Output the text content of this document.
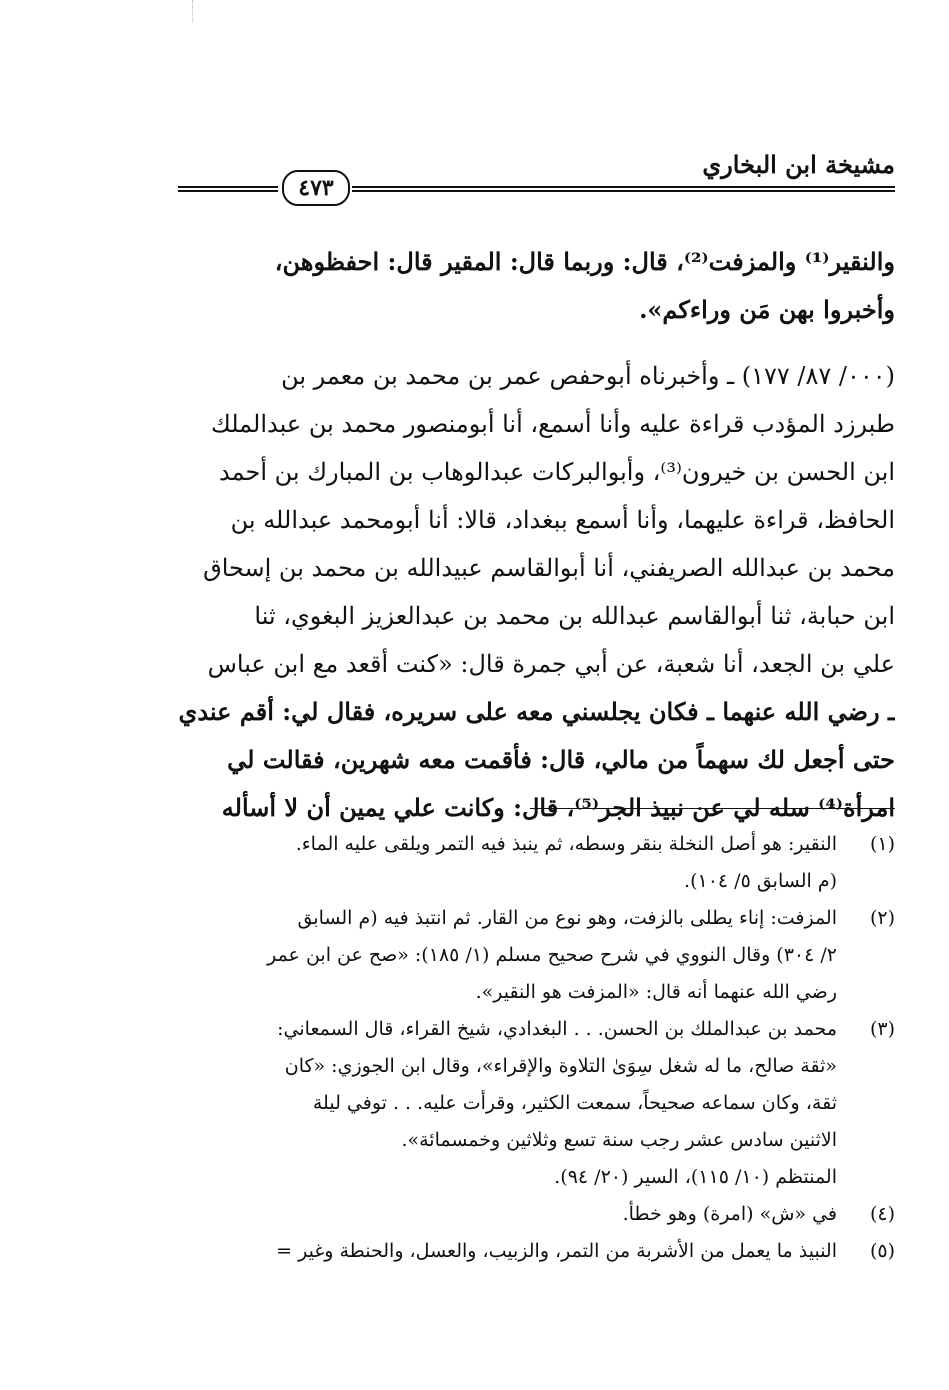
مشيخة ابن البخاري
٤٧٣
والنقير⁽¹⁾ والمزفت⁽²⁾، قال: وربما قال: المقير قال: احفظوهن،
وأخبروا بهن مَن وراءكم».
(٠٠٠/ ٨٧/ ١٧٧) ـ وأخبرناه أبوحفص عمر بن محمد بن معمر بن
طبرزد المؤدب قراءة عليه وأنا أسمع، أنا أبومنصور محمد بن عبدالملك
ابن الحسن بن خيرون⁽³⁾، وأبوالبركات عبدالوهاب بن المبارك بن أحمد
الحافظ، قراءة عليهما، وأنا أسمع ببغداد، قالا: أنا أبومحمد عبدالله بن
محمد بن عبدالله الصريفني، أنا أبوالقاسم عبيدالله بن محمد بن إسحاق
ابن حبابة، ثنا أبوالقاسم عبدالله بن محمد بن عبدالعزيز البغوي، ثنا
علي بن الجعد، أنا شعبة، عن أبي جمرة قال: «كنت أقعد مع ابن عباس
ـ رضي الله عنهما ـ فكان يجلسني معه على سريره، فقال لي: أقم عندي
حتى أجعل لك سهماً من مالي، قال: فأقمت معه شهرين، فقالت لي
امرأة⁽⁴⁾ سله لي عن نبيذ الجر⁽⁵⁾، قال: وكانت علي يمين أن لا أسأله
(١)
النقير: هو أصل النخلة بنقر وسطه، ثم ينبذ فيه التمر ويلقى عليه الماء.
(م السابق ٥/ ١٠٤).
(٢)
المزفت: إناء يطلى بالزفت، وهو نوع من القار. ثم انتبذ فيه (م السابق
٢/ ٣٠٤) وقال النووي في شرح صحيح مسلم (١/ ١٨٥): «صح عن ابن عمر
رضي الله عنهما أنه قال: «المزفت هو النقير».
(٣)
محمد بن عبدالملك بن الحسن. . . البغدادي، شيخ القراء، قال السمعاني:
«ثقة صالح، ما له شغل سِوَىٰ التلاوة والإقراء»، وقال ابن الجوزي: «كان
ثقة، وكان سماعه صحيحاً، سمعت الكثير، وقرأت عليه. . . توفي ليلة
الاثنين سادس عشر رجب سنة تسع وثلاثين وخمسمائة».
المنتظم (١٠/ ١١٥)، السير (٢٠/ ٩٤).
(٤)
في «ش» (امرة) وهو خطأ.
(٥)
النبيذ ما يعمل من الأشربة من التمر، والزبيب، والعسل، والحنطة وغير =
